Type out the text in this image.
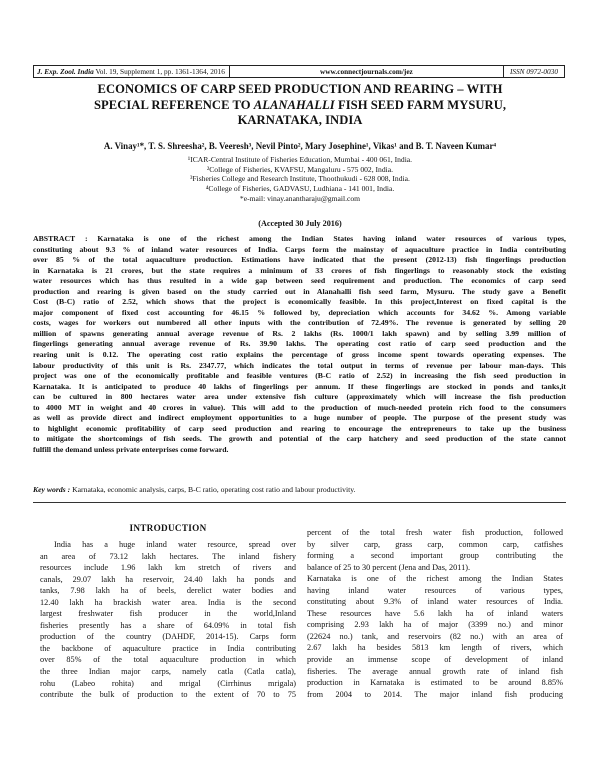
J. Exp. Zool. India Vol. 19, Supplement 1, pp. 1361-1364, 2016	www.connectjournals.com/jez	ISSN 0972-0030
ECONOMICS OF CARP SEED PRODUCTION AND REARING – WITH
SPECIAL REFERENCE TO ALANAHALLI FISH SEED FARM MYSURU,
KARNATAKA, INDIA
A. Vinay¹*, T. S. Shreesha², B. Veeresh³, Nevil Pinto², Mary Josephine¹, Vikas¹ and B. T. Naveen Kumar⁴
¹ICAR-Central Institute of Fisheries Education, Mumbai - 400 061, India.
²College of Fisheries, KVAFSU, Mangaluru - 575 002, India.
³Fisheries College and Research Institute, Thoothukudi - 628 008, India.
⁴College of Fisheries, GADVASU, Ludhiana - 141 001, India.
*e-mail: vinay.anantharaju@gmail.com
(Accepted 30 July 2016)
ABSTRACT : Karnataka is one of the richest among the Indian States having inland water resources of various types,
constituting about 9.3 % of inland water resources of India. Carps form the mainstay of aquaculture practice in India contributing
over 85 % of the total aquaculture production. Estimations have indicated that the present (2012-13) fish fingerlings production
in Karnataka is 21 crores, but the state requires a minimum of 33 crores of fish fingerlings to reasonably stock the existing
water resources which has thus resulted in a wide gap between seed requirement and production. The economics of carp seed
production and rearing is given based on the study carried out in Alanahalli fish seed farm, Mysuru. The study gave a Benefit
Cost (B-C) ratio of 2.52, which shows that the project is economically feasible. In this project,Interest on fixed capital is the
major component of fixed cost accounting for 46.15 % followed by, depreciation which accounts for 34.62 %. Among variable
costs, wages for workers out numbered all other inputs with the contribution of 72.49%. The revenue is generated by selling 20
million of spawns generating annual average revenue of Rs. 2 lakhs (Rs. 1000/1 lakh spawn) and by selling 3.99 million of
fingerlings generating annual average revenue of Rs. 39.90 lakhs. The operating cost ratio of carp seed production and the
rearing unit is 0.12. The operating cost ratio explains the percentage of gross income spent towards operating expenses. The
labour productivity of this unit is Rs. 2347.77, which indicates the total output in terms of revenue per labour man-days. This
project was one of the economically profitable and feasible ventures (B-C ratio of 2.52) in increasing the fish seed production in
Karnataka. It is anticipated to produce 40 lakhs of fingerlings per annum. If these fingerlings are stocked in ponds and tanks,it
can be cultured in 800 hectares water area under extensive fish culture (approximately which will increase the fish production
to 4000 MT in weight and 40 crores in value). This will add to the production of much-needed protein rich food to the consumers
as well as provide direct and indirect employment opportunities to a huge number of people. The purpose of the present study was
to highlight economic profitability of carp seed production and rearing to encourage the entrepreneurs to take up the business
to mitigate the shortcomings of fish seeds. The growth and potential of the carp hatchery and seed production of the state cannot
fulfill the demand unless private enterprises come forward.
Key words : Karnataka, economic analysis, carps, B-C ratio, operating cost ratio and labour productivity.
INTRODUCTION
India has a huge inland water resource, spread over
an area of 73.12 lakh hectares. The inland fishery
resources include 1.96 lakh km stretch of rivers and
canals, 29.07 lakh ha reservoir, 24.40 lakh ha ponds and
tanks, 7.98 lakh ha of beels, derelict water bodies and
12.40 lakh ha brackish water area. India is the second
largest freshwater fish producer in the world,Inland
fisheries presently has a share of 64.09% in total fish
production of the country (DAHDF, 2014-15). Carps form
the backbone of aquaculture practice in India contributing
over 85% of the total aquaculture production in which
the three Indian major carps, namely catla (Catla catla),
rohu (Labeo rohita) and mrigal (Cirrhinus mrigala)
contribute the bulk of production to the extent of 70 to 75
percent of the total fresh water fish production, followed
by silver carp, grass carp, common carp, catfishes
forming a second important group contributing the
balance of 25 to 30 percent (Jena and Das, 2011).
Karnataka is one of the richest among the Indian States
having inland water resources of various types,
constituting about 9.3% of inland water resources of India.
These resources have 5.6 lakh ha of inland waters
comprising 2.93 lakh ha of major (3399 no.) and minor
(22624 no.) tank, and reservoirs (82 no.) with an area of
2.67 lakh ha besides 5813 km length of rivers, which
provide an immense scope of development of inland
fisheries. The average annual growth rate of inland fish
production in Karnataka is estimated to be around 8.85%
from 2004 to 2014. The major inland fish producing
